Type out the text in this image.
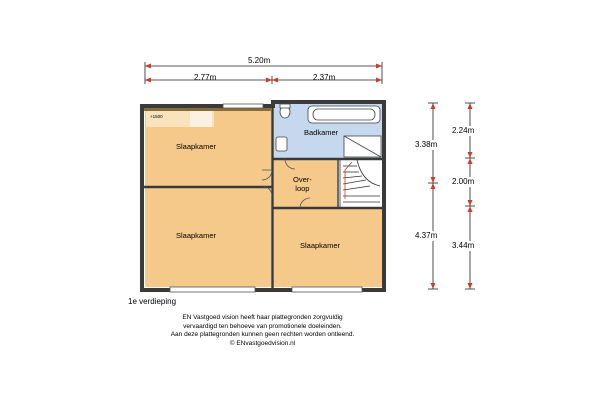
5.20m
2.77m	2.37m
3.38m
4.37m
2.24m
2.00m
3.44m
Slaapkamer
Slaapkamer
Slaapkamer
Badkamer
Over-
loop
+1500
1e verdieping
EN Vastgoed vision heeft haar plattegronden zorgvuldig
vervaardigd ten behoeve van promotionele doeleinden.
Aan deze plattegronden kunnen geen rechten worden ontleend.
© ENvastgoedvision.nl
